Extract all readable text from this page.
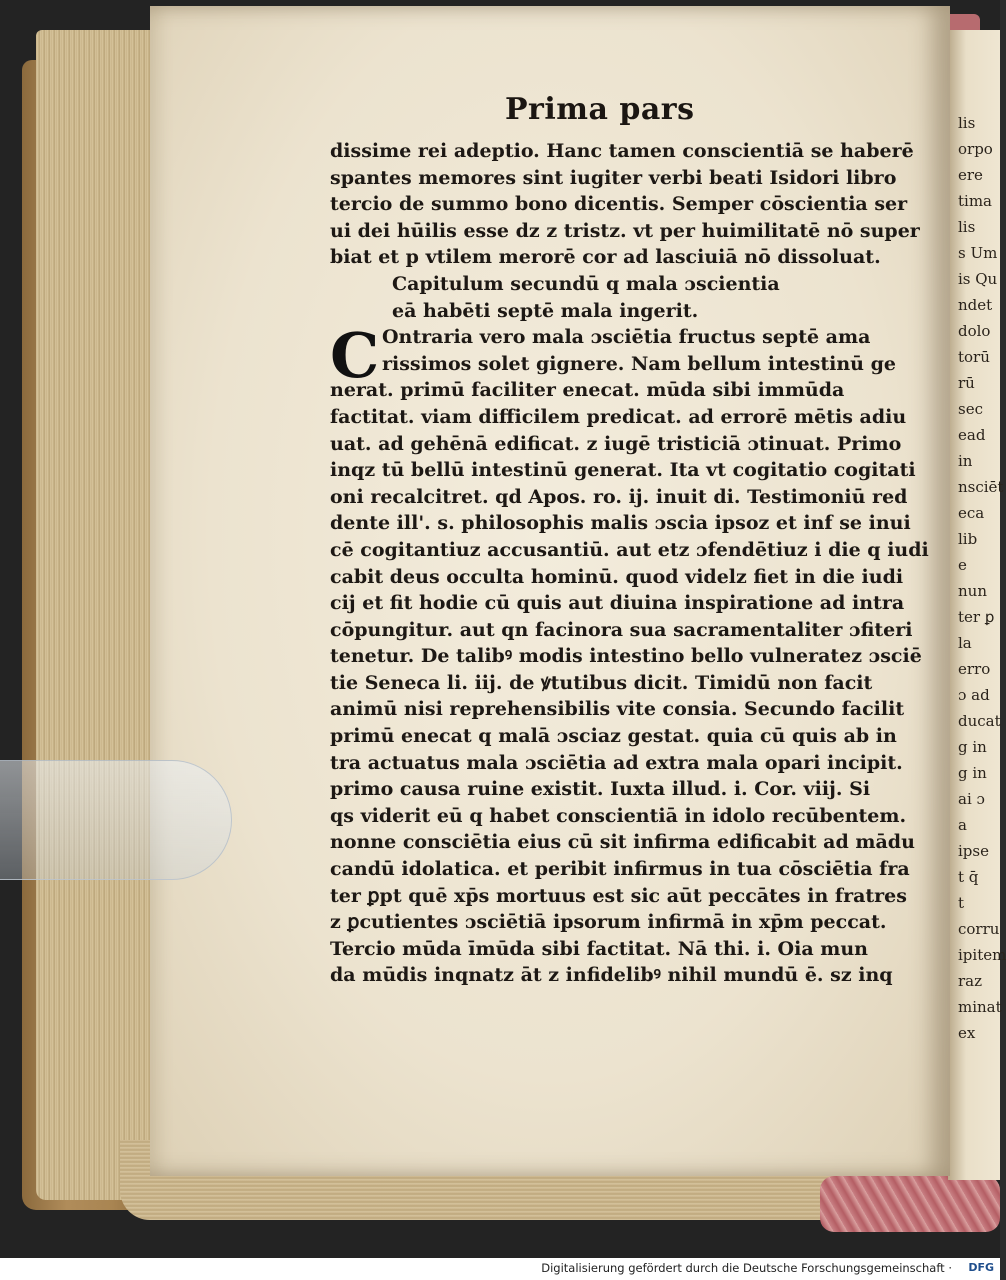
lis
orpo
ere
tima
lis
s Um
is Qu
ndet
dolo
torū
rū sec
ead in
nsciēt
eca lib
e nun
ter ꝑ
la erro
ɔ ad
ducat
g in
g in
ai ɔ
a ipse
t q̄
t corru
ipitem
raz
minat
ex
Prima pars
dissime rei adeptio. Hanc tamen conscientiā se haberē
spantes memores sint iugiter verbi beati Isidori libro
tercio de summo bono dicentis. Semper cōscientia ser
ui dei hūilis esse dz z tristz. vt per huimilitatē nō super
biat et p vtilem merorē cor ad lasciuiā nō dissoluat.
Capitulum secundū q mala ɔscientia
eā habēti septē mala ingerit.
Ontraria vero mala ɔsciētia fructus septē ama
rissimos solet gignere. Nam bellum intestinū ge
nerat. primū faciliter enecat. mūda sibi immūda
factitat. viam difficilem predicat. ad errorē mētis adiu
uat. ad gehēnā edificat. z iugē tristiciā ɔtinuat. Primo
inqz tū bellū intestinū generat. Ita vt cogitatio cogitati
oni recalcitret. qd Apos. ro. ij. inuit di. Testimoniū red
dente ill'. s. philosophis malis ɔscia ipsoz et inf se inui
cē cogitantiuz accusantiū. aut etz ɔfendētiuz i die q iudi
cabit deus occulta hominū. quod videlz fiet in die iudi
cij et fit hodie cū quis aut diuina inspiratione ad intra
cōpungitur. aut qn facinora sua sacramentaliter ɔfiteri
tenetur. De talibꝰ modis intestino bello vulneratez ɔsciē
tie Seneca li. iij. de ꝟtutibus dicit. Timidū non facit
animū nisi reprehensibilis vite consia. Secundo facilit
primū enecat q malā ɔsciaz gestat. quia cū quis ab in
tra actuatus mala ɔsciētia ad extra mala opari incipit.
primo causa ruine existit. Iuxta illud. i. Cor. viij. Si
qs viderit eū q habet conscientiā in idolo recūbentem.
nonne consciētia eius cū sit infirma edificabit ad mādu
candū idolatica. et peribit infirmus in tua cōsciētia fra
ter ꝑpt quē xp̄s mortuus est sic aūt peccātes in fratres
z ꝑcutientes ɔsciētiā ipsorum infirmā in xp̄m peccat.
Tercio mūda īmūda sibi factitat. Nā thi. i. Oia mun
da mūdis inqnatz āt z infidelibꝰ nihil mundū ē. sz inq
C
Digitalisierung gefördert durch die Deutsche Forschungsgemeinschaft · DFG
